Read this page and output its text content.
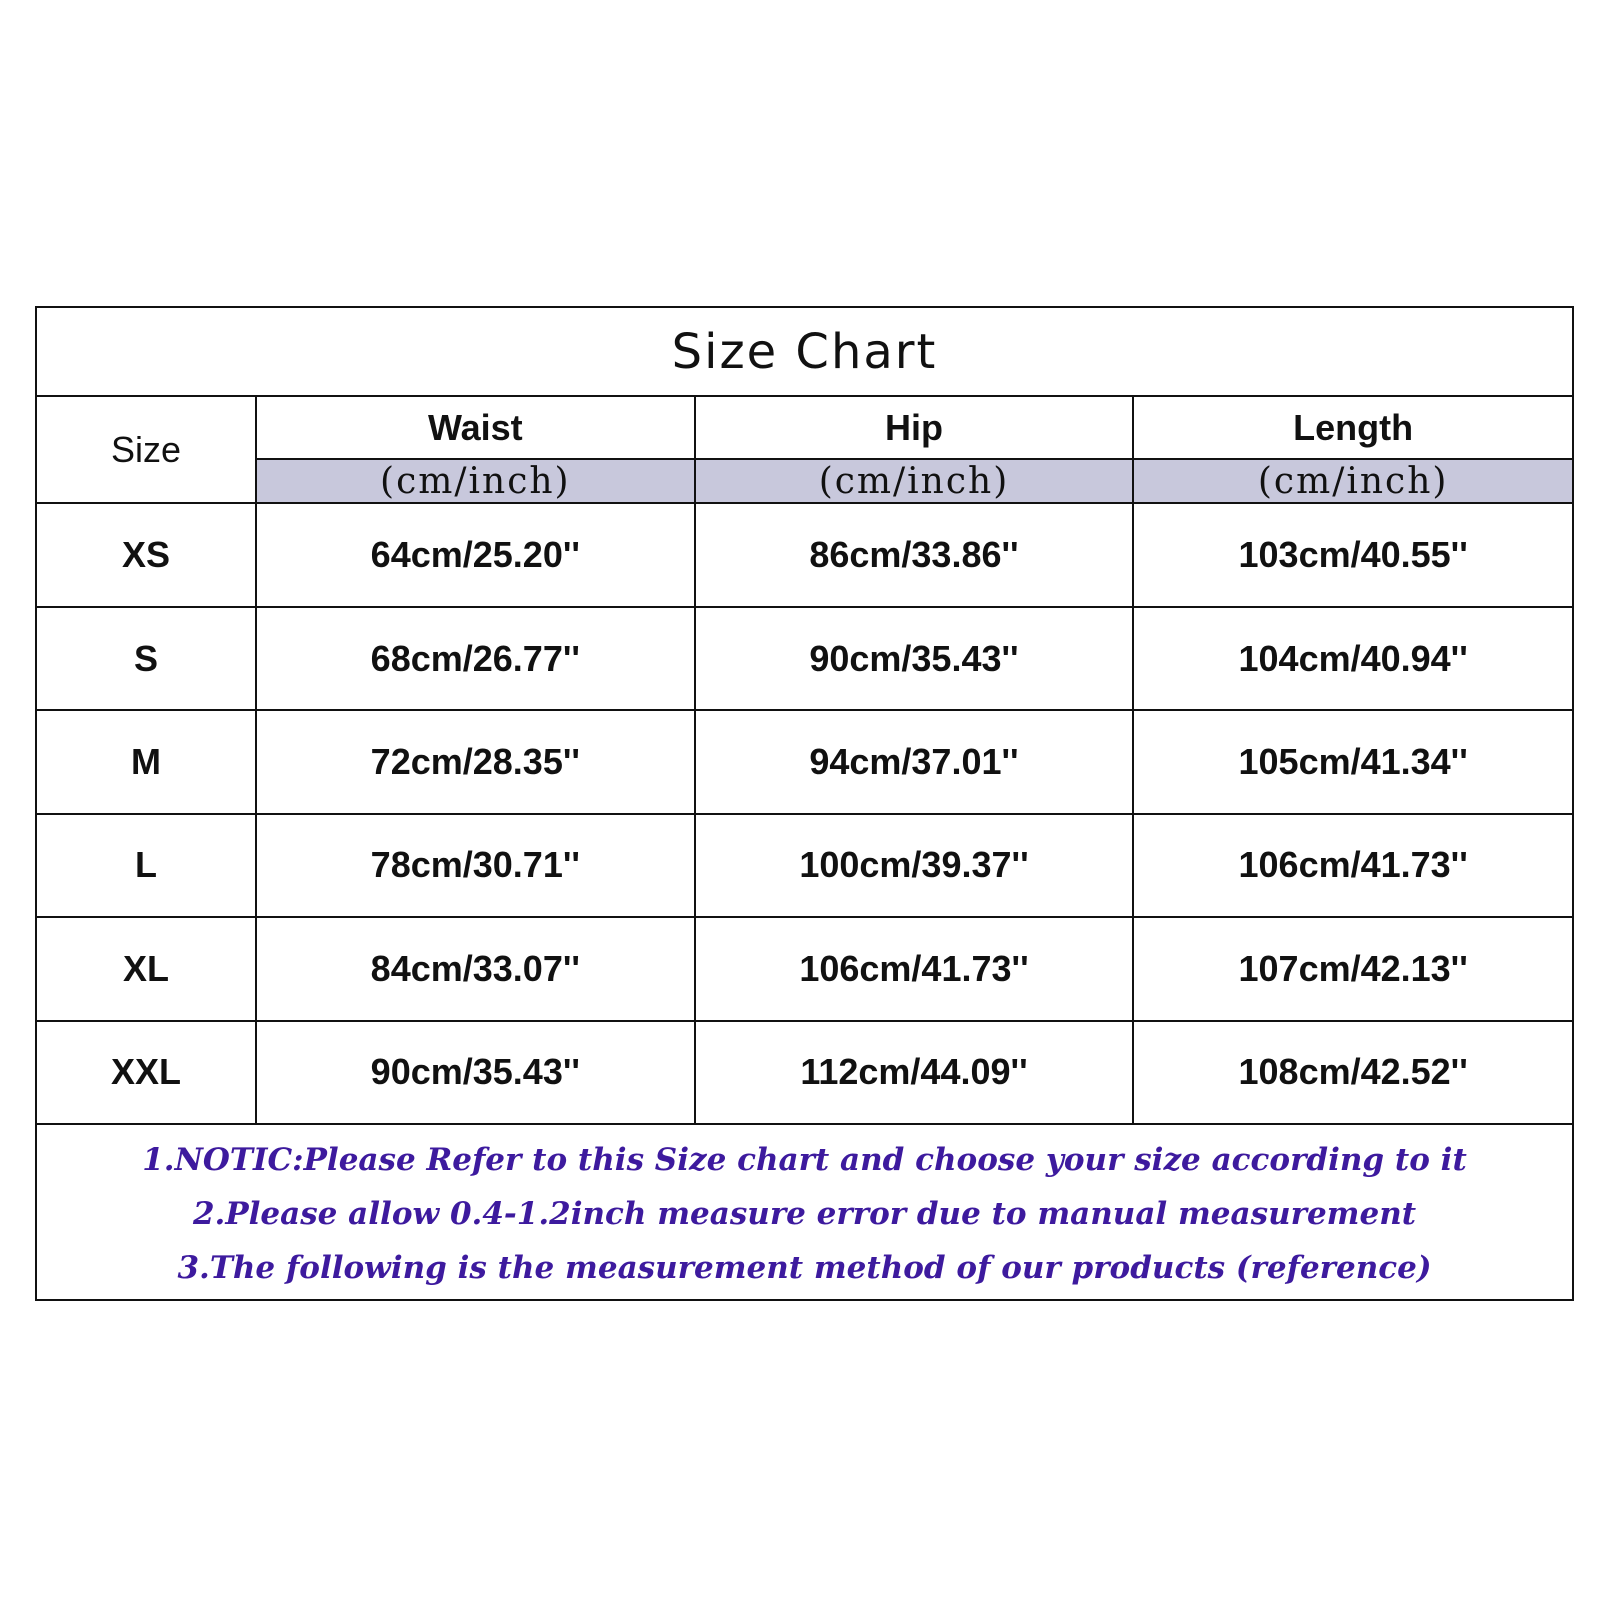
Size Chart
Size	Waist	Hip	Length
	(cm/inch)	(cm/inch)	(cm/inch)
XS	64cm/25.20''	86cm/33.86''	103cm/40.55''
S	68cm/26.77''	90cm/35.43''	104cm/40.94''
M	72cm/28.35''	94cm/37.01''	105cm/41.34''
L	78cm/30.71''	100cm/39.37''	106cm/41.73''
XL	84cm/33.07''	106cm/41.73''	107cm/42.13''
XXL	90cm/35.43''	112cm/44.09''	108cm/42.52''
1.NOTIC:Please Refer to this Size chart and choose your size according to it
2.Please allow 0.4-1.2inch measure error due to manual measurement
3.The following is the measurement method of our products (reference)
